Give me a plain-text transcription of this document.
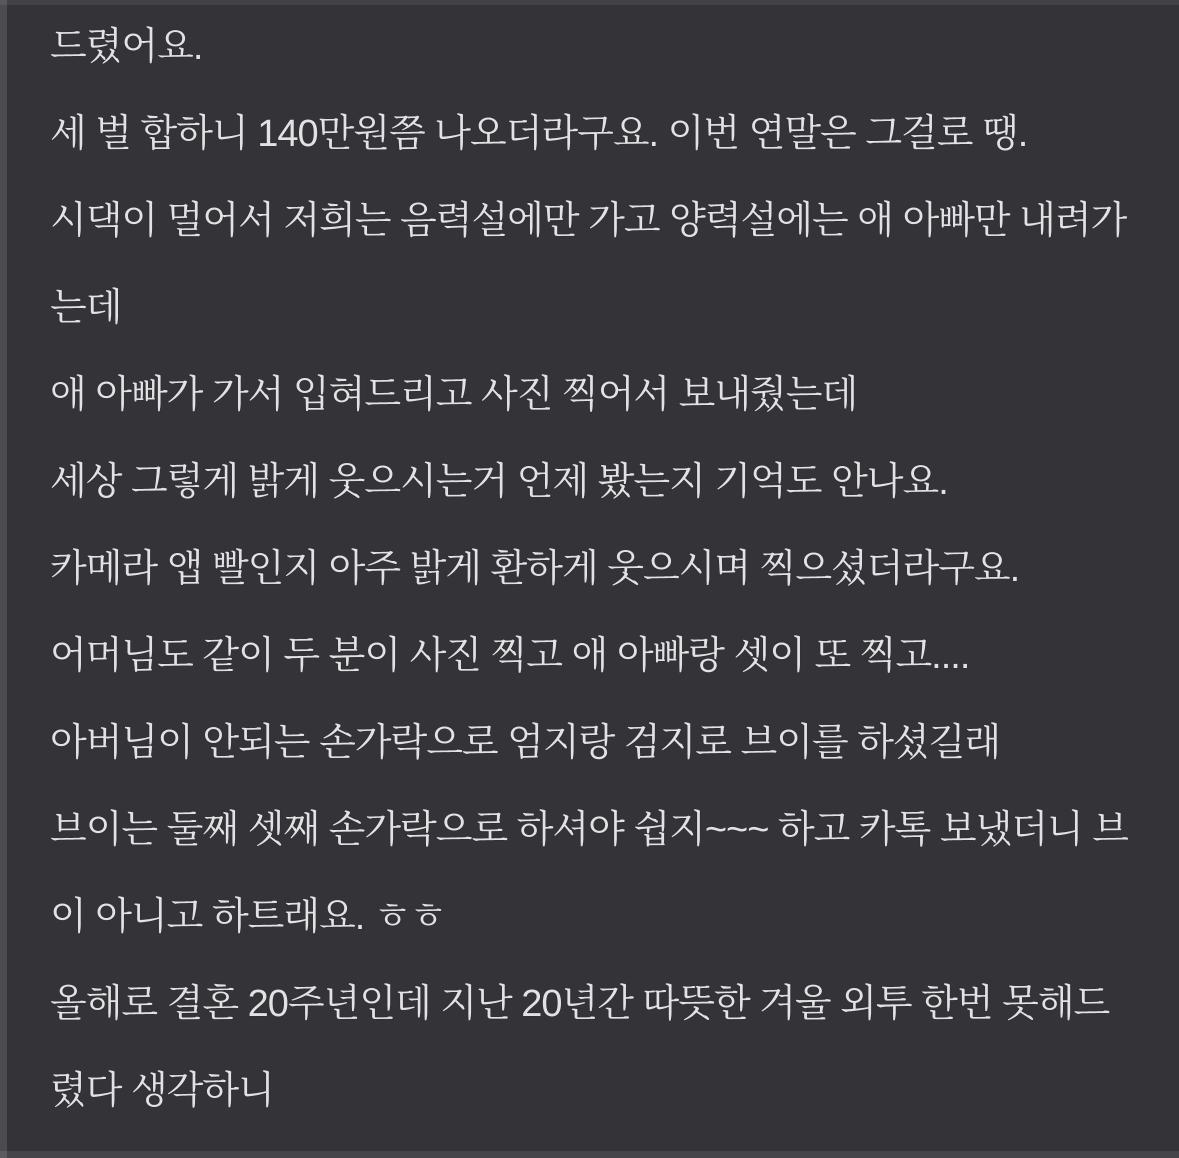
드렸어요.
세 벌 합하니 140만원쯤 나오더라구요. 이번 연말은 그걸로 땡.
시댁이 멀어서 저희는 음력설에만 가고 양력설에는 애 아빠만 내려가
는데
애 아빠가 가서 입혀드리고 사진 찍어서 보내줬는데
세상 그렇게 밝게 웃으시는거 언제 봤는지 기억도 안나요.
카메라 앱 빨인지 아주 밝게 환하게 웃으시며 찍으셨더라구요.
어머님도 같이 두 분이 사진 찍고 애 아빠랑 셋이 또 찍고....
아버님이 안되는 손가락으로 엄지랑 검지로 브이를 하셨길래
브이는 둘째 셋째 손가락으로 하셔야 쉽지~~~ 하고 카톡 보냈더니 브
이 아니고 하트래요. ㅎㅎ
올해로 결혼 20주년인데 지난 20년간 따뜻한 겨울 외투 한번 못해드
렸다 생각하니
